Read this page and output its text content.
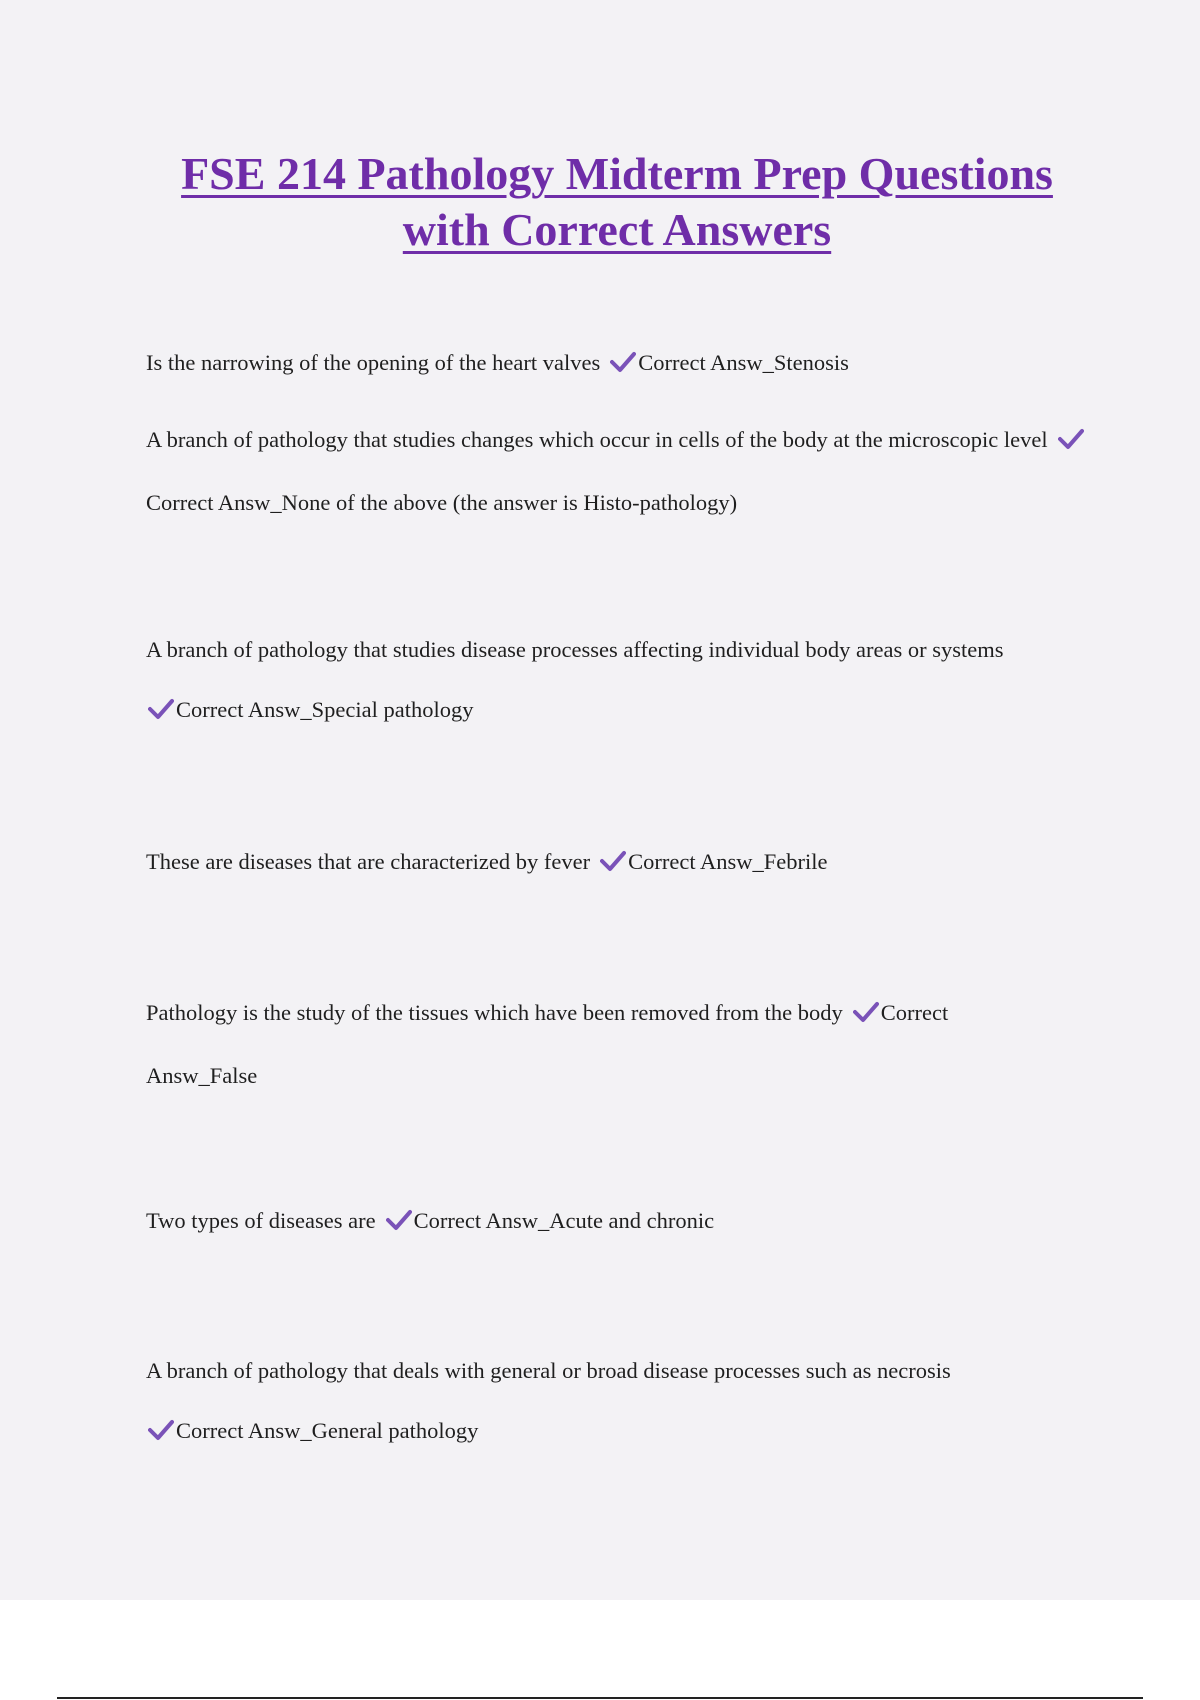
FSE 214 Pathology Midterm Prep Questions
with Correct Answers

Is the narrowing of the opening of the heart valves Correct Answ_Stenosis

A branch of pathology that studies changes which occur in cells of the body at the microscopic levelCorrect Answ_None of the above (the answer is Histo-pathology)

A branch of pathology that studies disease processes affecting individual body areas or systems
Correct Answ_Special pathology

These are diseases that are characterized by fever Correct Answ_Febrile

Pathology is the study of the tissues which have been removed from the body Correct Answ_False

Two types of diseases are Correct Answ_Acute and chronic

A branch of pathology that deals with general or broad disease processes such as necrosis
Correct Answ_General pathology
